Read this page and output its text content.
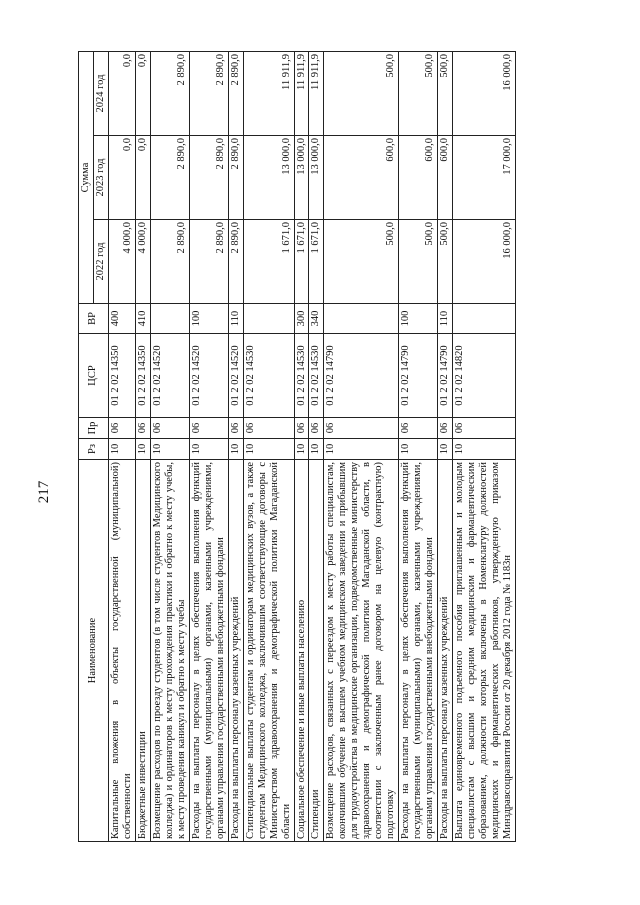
217
Наименование	Рз	Пр	ЦСР	ВР	Сумма		
					2022 год	2023 год	2024 год
Капитальные вложения в объекты государственной (муниципальной) собственности	10	06	01 2 02 14350	400	4 000,0	0,0	0,0
Бюджетные инвестиции	10	06	01 2 02 14350	410	4 000,0	0,0	0,0
Возмещение расходов по проезду студентов (в том числе студентов Медицинского колледжа) и ординаторов к месту прохождения практики и обратно к месту учебы, к месту проведения каникул и обратно к месту учебы	10	06	01 2 02 14520		2 890,0	2 890,0	2 890,0
Расходы на выплаты персоналу в целях обеспечения выполнения функций государственными (муниципальными) органами, казенными учреждениями, органами управления государственными внебюджетными фондами	10	06	01 2 02 14520	100	2 890,0	2 890,0	2 890,0
Расходы на выплаты персоналу казенных учреждений	10	06	01 2 02 14520	110	2 890,0	2 890,0	2 890,0
Стипендиальные выплаты студентам и ординаторам медицинских вузов, а также студентам Медицинского колледжа, заключившим соответствующие договоры с Министерством здравоохранения и демографической политики Магаданской области	10	06	01 2 02 14530		1 671,0	13 000,0	11 911,9
Социальное обеспечение и иные выплаты населению	10	06	01 2 02 14530	300	1 671,0	13 000,0	11 911,9
Стипендии	10	06	01 2 02 14530	340	1 671,0	13 000,0	11 911,9
Возмещение расходов, связанных с переездом к месту работы специалистам, окончившим обучение в высшем учебном медицинском заведении и прибывшим для трудоустройства в медицинские организации, подведомственные министерству здравоохранения и демографической политики Магаданской области, в соответствии с заключенным ранее договором на целевую (контрактную) подготовку	10	06	01 2 02 14790		500,0	600,0	500,0
Расходы на выплаты персоналу в целях обеспечения выполнения функций государственными (муниципальными) органами, казенными учреждениями, органами управления государственными внебюджетными фондами	10	06	01 2 02 14790	100	500,0	600,0	500,0
Расходы на выплаты персоналу казенных учреждений	10	06	01 2 02 14790	110	500,0	600,0	500,0
Выплата единовременного подъемного пособия приглашенным и молодым специалистам с высшим и средним медицинским и фармацевтическим образованием, должности которых включены в Номенклатуру должностей медицинских и фармацевтических работников, утвержденную приказом Минздравсоцразвития России от 20 декабря 2012 года № 1183н	10	06	01 2 02 14820		16 000,0	17 000,0	16 000,0
